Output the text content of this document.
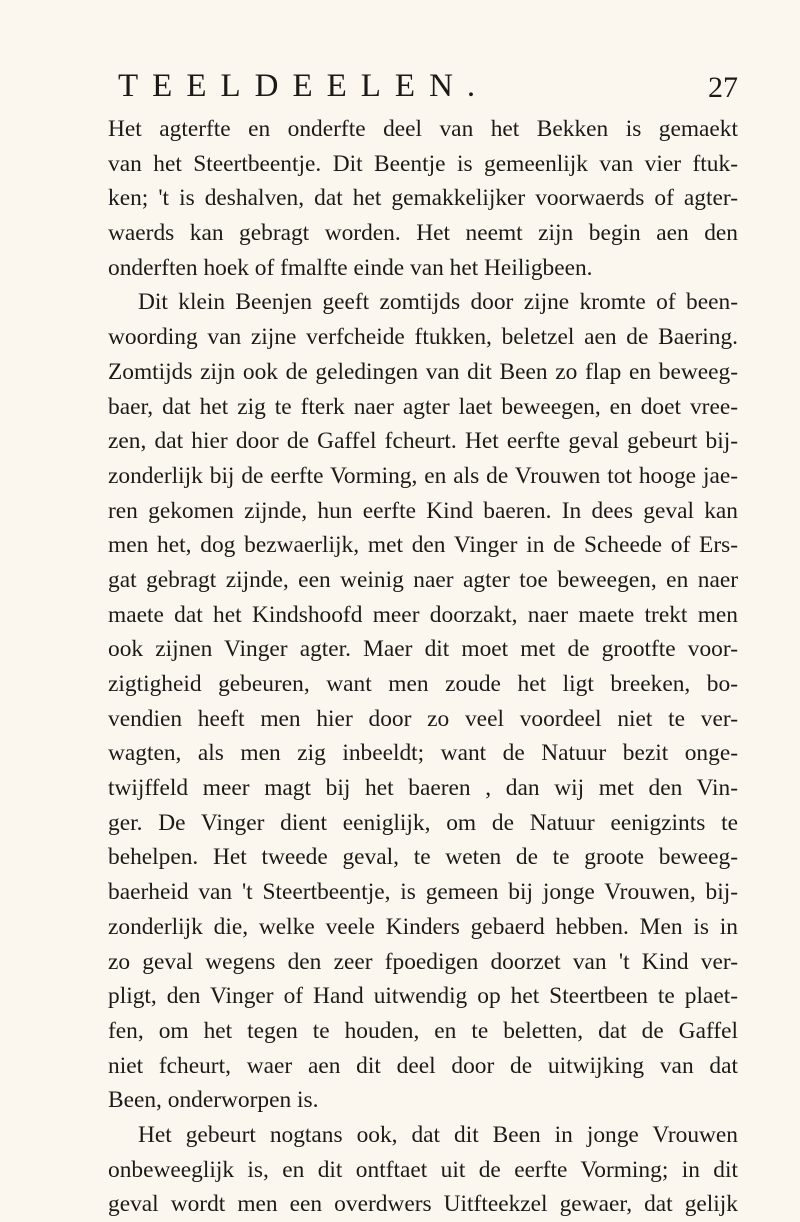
TEELDEELEN.	27
Het agterfte en onderfte deel van het Bekken is gemaekt
van het Steertbeentje. Dit Beentje is gemeenlijk van vier ftuk-
ken; 't is deshalven, dat het gemakkelijker voorwaerds of agter-
waerds kan gebragt worden. Het neemt zijn begin aen den
onderften hoek of fmalfte einde van het Heiligbeen.
Dit klein Beenjen geeft zomtijds door zijne kromte of been-
woording van zijne verfcheide ftukken, beletzel aen de Baering.
Zomtijds zijn ook de geledingen van dit Been zo flap en beweeg-
baer, dat het zig te fterk naer agter laet beweegen, en doet vree-
zen, dat hier door de Gaffel fcheurt. Het eerfte geval gebeurt bij-
zonderlijk bij de eerfte Vorming, en als de Vrouwen tot hooge jae-
ren gekomen zijnde, hun eerfte Kind baeren. In dees geval kan
men het, dog bezwaerlijk, met den Vinger in de Scheede of Ers-
gat gebragt zijnde, een weinig naer agter toe beweegen, en naer
maete dat het Kindshoofd meer doorzakt, naer maete trekt men
ook zijnen Vinger agter. Maer dit moet met de grootfte voor-
zigtigheid gebeuren, want men zoude het ligt breeken, bo-
vendien heeft men hier door zo veel voordeel niet te ver-
wagten, als men zig inbeeldt; want de Natuur bezit onge-
twijffeld meer magt bij het baeren , dan wij met den Vin-
ger. De Vinger dient eeniglijk, om de Natuur eenigzints te
behelpen. Het tweede geval, te weten de te groote beweeg-
baerheid van 't Steertbeentje, is gemeen bij jonge Vrouwen, bij-
zonderlijk die, welke veele Kinders gebaerd hebben. Men is in
zo geval wegens den zeer fpoedigen doorzet van 't Kind ver-
pligt, den Vinger of Hand uitwendig op het Steertbeen te plaet-
fen, om het tegen te houden, en te beletten, dat de Gaffel
niet fcheurt, waer aen dit deel door de uitwijking van dat
Been, onderworpen is.
Het gebeurt nogtans ook, dat dit Been in jonge Vrouwen
onbeweeglijk is, en dit ontftaet uit de eerfte Vorming; in dit
geval wordt men een overdwers Uitfteekzel gewaer, dat gelijk
